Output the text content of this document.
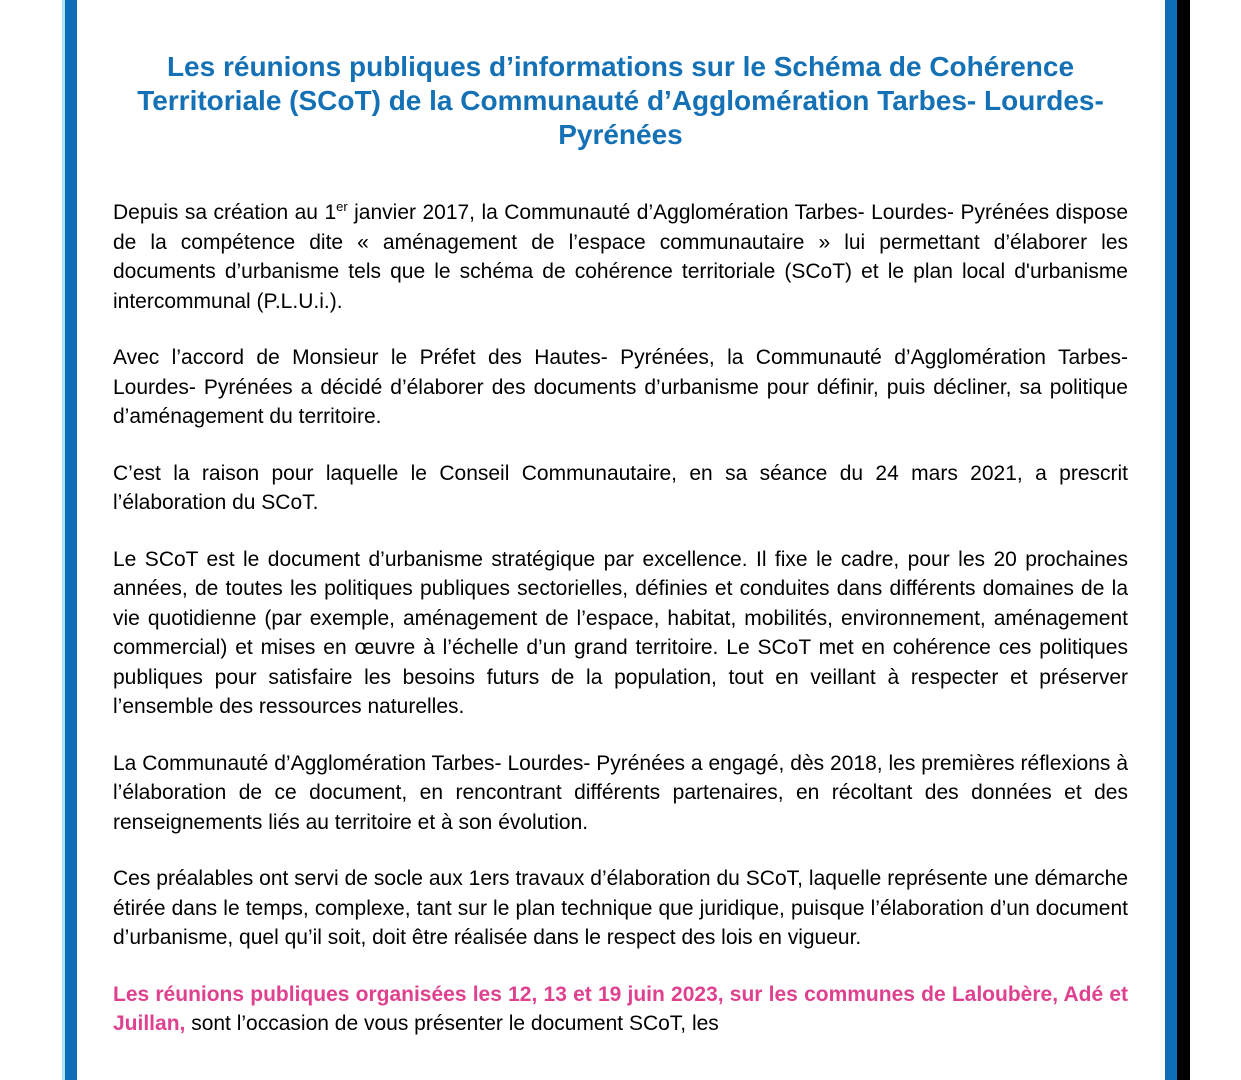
Les réunions publiques d’informations sur le Schéma de Cohérence Territoriale (SCoT) de la Communauté d’Agglomération Tarbes- Lourdes- Pyrénées

Depuis sa création au 1er janvier 2017, la Communauté d’Agglomération Tarbes- Lourdes- Pyrénées dispose de la compétence dite « aménagement de l’espace communautaire » lui permettant d’élaborer les documents d’urbanisme tels que le schéma de cohérence territoriale (SCoT) et le plan local d'urbanisme intercommunal (P.L.U.i.).

Avec l’accord de Monsieur le Préfet des Hautes- Pyrénées, la Communauté d’Agglomération Tarbes- Lourdes- Pyrénées a décidé d’élaborer des documents d’urbanisme pour définir, puis décliner, sa politique d’aménagement du territoire.

C’est la raison pour laquelle le Conseil Communautaire, en sa séance du 24 mars 2021, a prescrit l’élaboration du SCoT.

Le SCoT est le document d’urbanisme stratégique par excellence. Il fixe le cadre, pour les 20 prochaines années, de toutes les politiques publiques sectorielles, définies et conduites dans différents domaines de la vie quotidienne (par exemple, aménagement de l’espace, habitat, mobilités, environnement, aménagement commercial) et mises en œuvre à l’échelle d’un grand territoire. Le SCoT met en cohérence ces politiques publiques pour satisfaire les besoins futurs de la population, tout en veillant à respecter et préserver l’ensemble des ressources naturelles.

La Communauté d’Agglomération Tarbes- Lourdes- Pyrénées a engagé, dès 2018, les premières réflexions à l’élaboration de ce document, en rencontrant différents partenaires, en récoltant des données et des renseignements liés au territoire et à son évolution.

Ces préalables ont servi de socle aux 1ers travaux d’élaboration du SCoT, laquelle représente une démarche étirée dans le temps, complexe, tant sur le plan technique que juridique, puisque l’élaboration d’un document d’urbanisme, quel qu’il soit, doit être réalisée dans le respect des lois en vigueur.

Les réunions publiques organisées les 12, 13 et 19 juin 2023, sur les communes de Laloubère, Adé et Juillan, sont l’occasion de vous présenter le document SCoT, les
